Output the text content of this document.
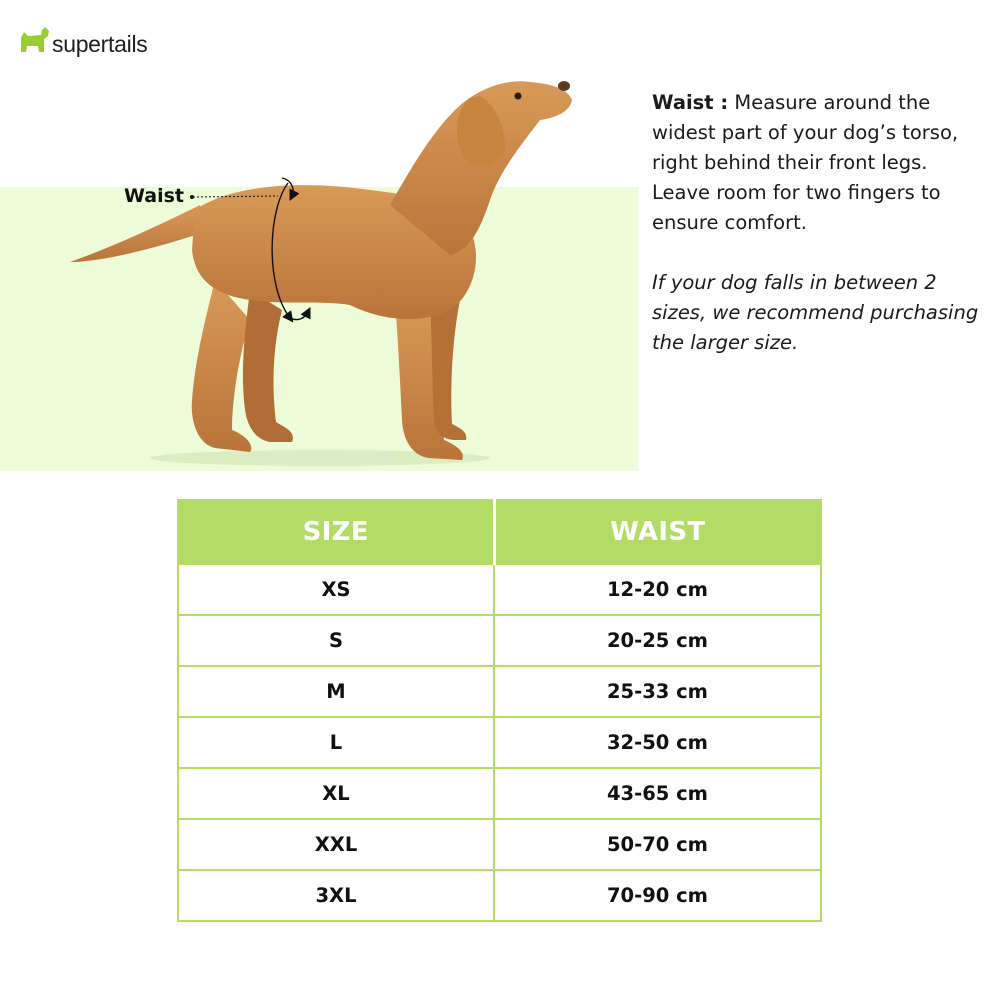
supertails
Waist

Waist : Measure around the widest part of your dog’s torso, right behind their front legs. Leave room for two fingers to ensure comfort.

If your dog falls in between 2 sizes, we recommend purchasing the larger size.

SIZE	WAIST
XS	12-20 cm
S	20-25 cm
M	25-33 cm
L	32-50 cm
XL	43-65 cm
XXL	50-70 cm
3XL	70-90 cm
